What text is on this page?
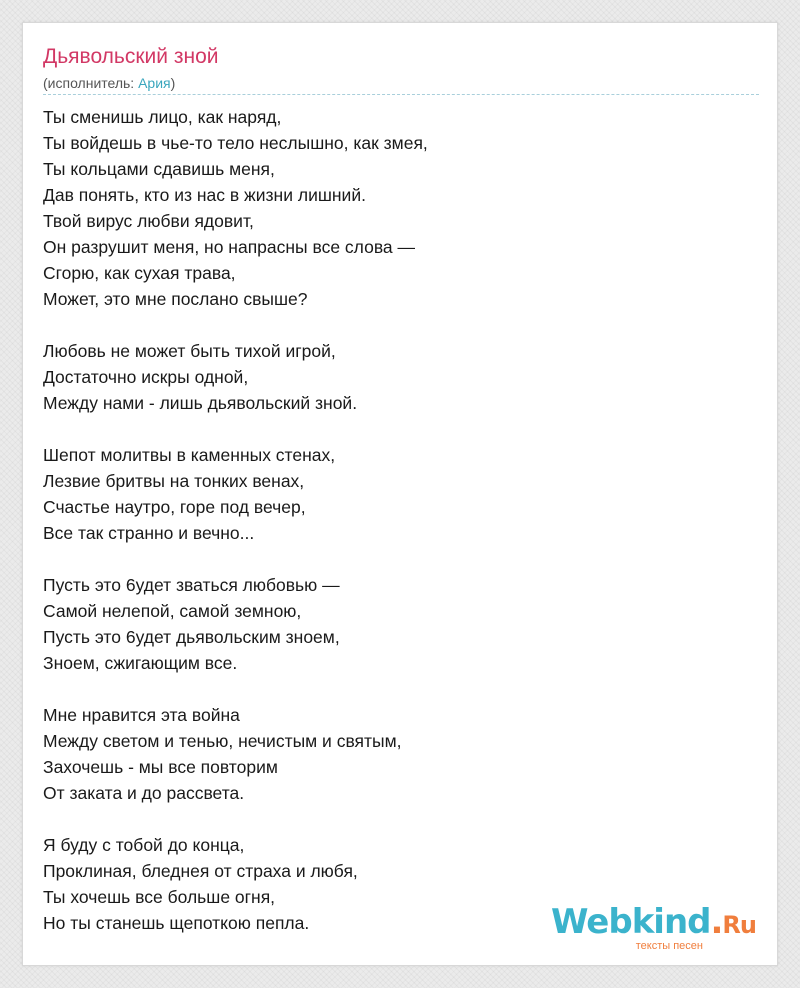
Дьявольский зной
(исполнитель: Ария)
Ты сменишь лицо, как наряд,
Ты войдешь в чье-то тело неслышно, как змея,
Ты кольцами сдавишь меня,
Дав понять, кто из нас в жизни лишний.
Твой вирус любви ядовит,
Он разрушит меня, но напрасны все слова —
Сгорю, как сухая трава,
Может, это мне послано свыше?
Любовь не может быть тихой игрой,
Достаточно искры одной,
Между нами - лишь дьявольский зной.
Шепот молитвы в каменных стенах,
Лезвие бритвы на тонких венах,
Счастье наутро, горе под вечер,
Все так странно и вечно...
Пусть это 6удет зваться любовью —
Самой нелепой, самой земною,
Пусть это 6удет дьявольским зноем,
Зноем, сжигающим все.
Мне нравится эта война
Между светом и тенью, нечистым и святым,
Захочешь - мы все повторим
От заката и до рассвета.
Я буду с тобой до конца,
Проклиная, бледнея от страха и любя,
Ты хочешь все больше огня,
Но ты станешь щепоткою пепла.	Webkind.Ru
тексты песен
